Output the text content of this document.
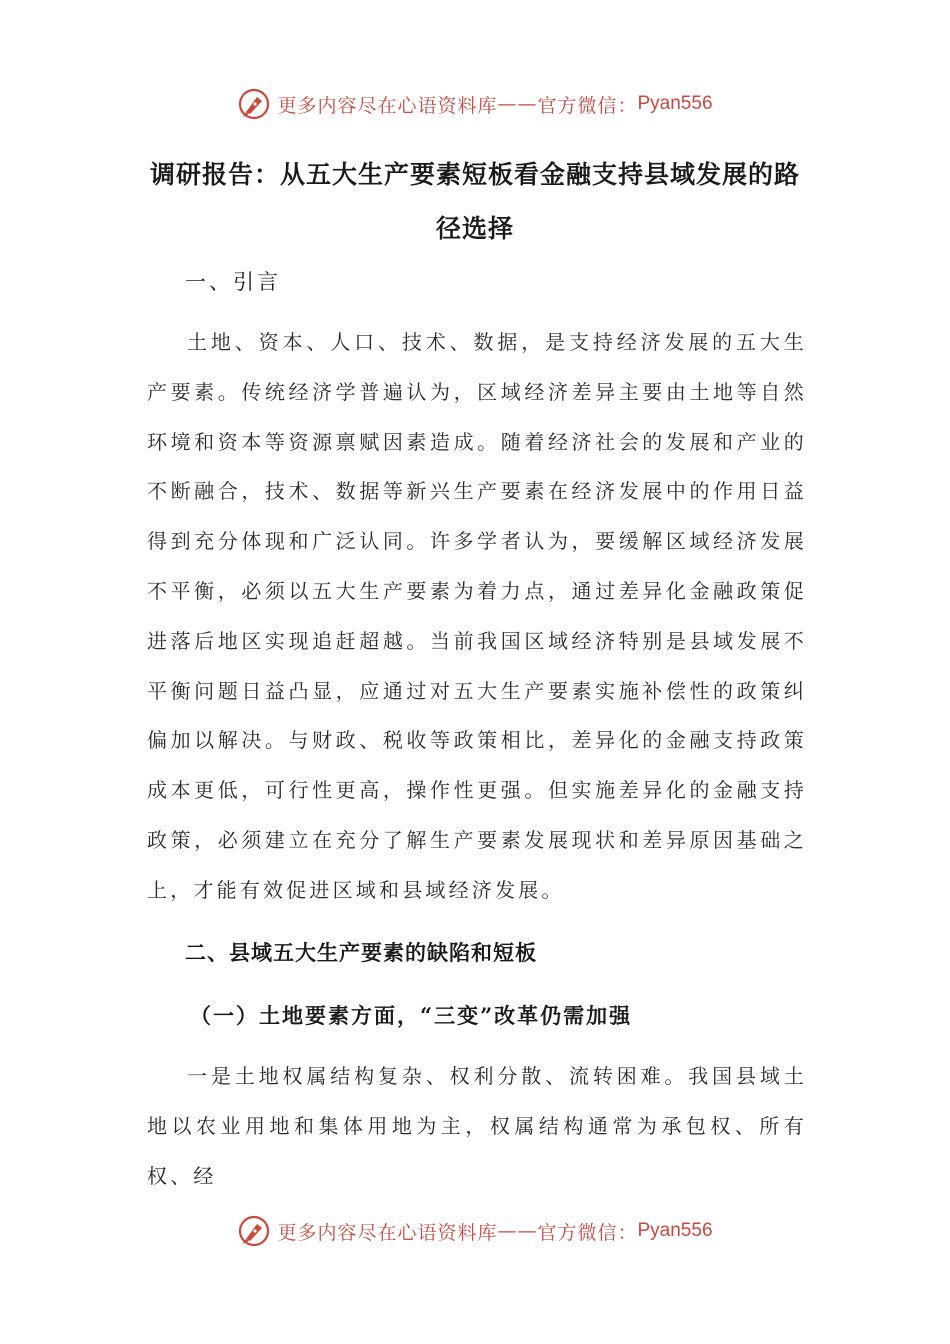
更多内容尽在心语资料库 —— 官方微信： Pyan556
调研报告：从五大生产要素短板看金融支持县域发展的路径选择
一、引言
土地、资本、人口、技术、数据，是支持经济发展的五大生产要素。传统经济学普遍认为，区域经济差异主要由土地等自然环境和资本等资源禀赋因素造成。随着经济社会的发展和产业的不断融合，技术、数据等新兴生产要素在经济发展中的作用日益得到充分体现和广泛认同。许多学者认为，要缓解区域经济发展不平衡，必须以五大生产要素为着力点，通过差异化金融政策促进落后地区实现追赶超越。当前我国区域经济特别是县域发展不平衡问题日益凸显，应通过对五大生产要素实施补偿性的政策纠偏加以解决。与财政、税收等政策相比，差异化的金融支持政策成本更低，可行性更高，操作性更强。但实施差异化的金融支持政策，必须建立在充分了解生产要素发展现状和差异原因基础之上，才能有效促进区域和县域经济发展。
二、县域五大生产要素的缺陷和短板
（一）土地要素方面，“三变”改革仍需加强
一是土地权属结构复杂、权利分散、流转困难。我国县域土地以农业用地和集体用地为主，权属结构通常为承包权、所有权、经
更多内容尽在心语资料库 —— 官方微信： Pyan556
